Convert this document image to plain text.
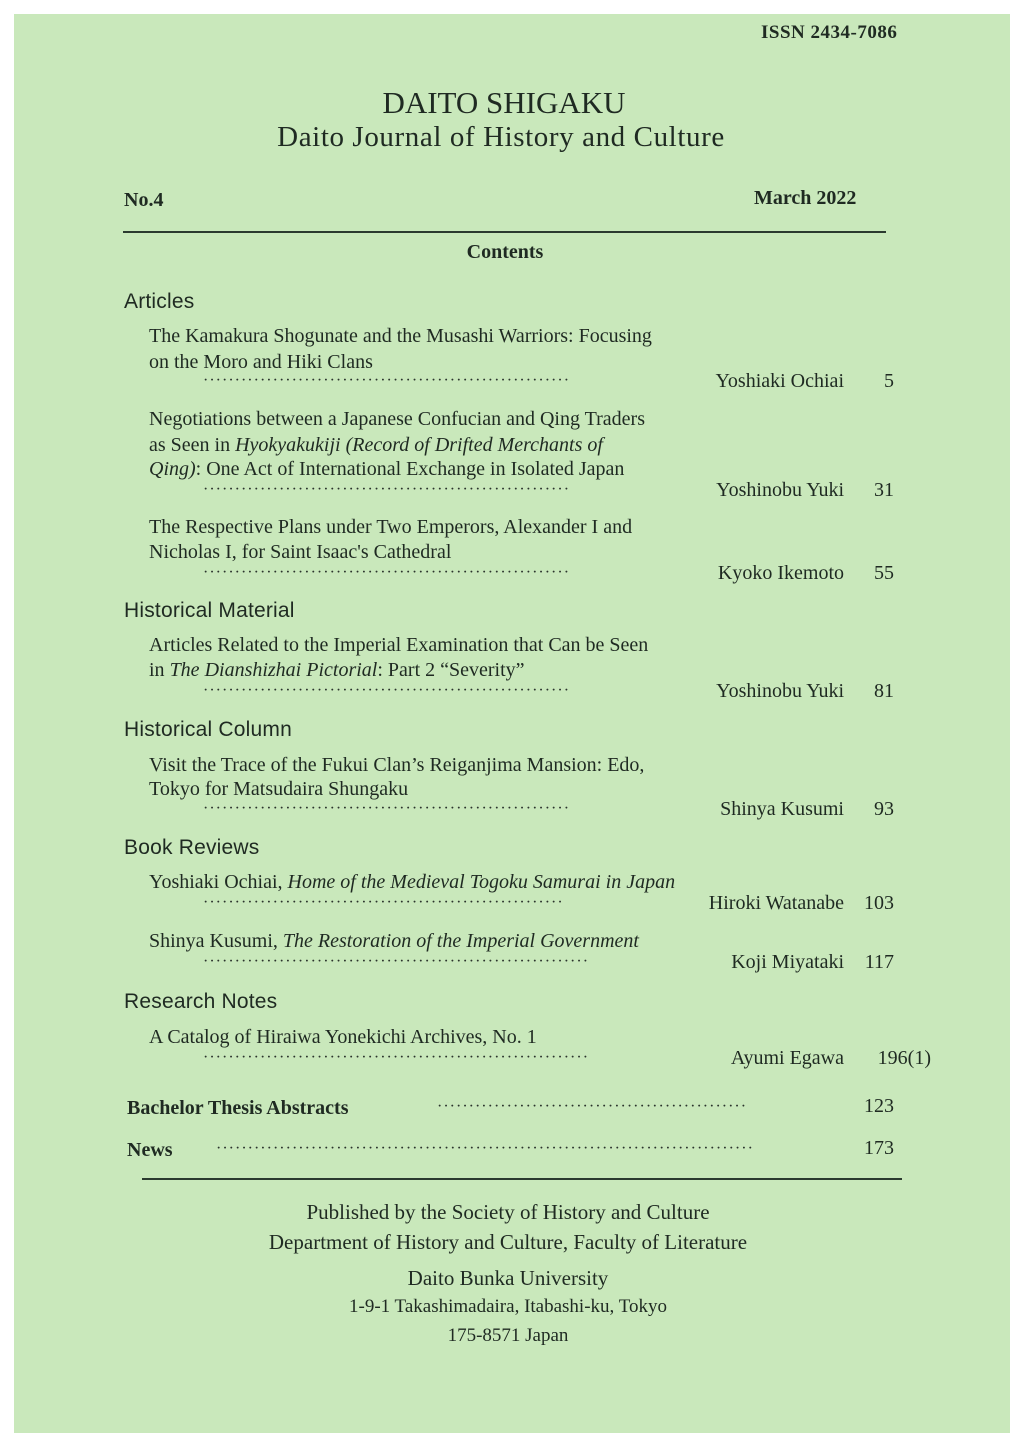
ISSN 2434-7086
DAITO SHIGAKU
Daito Journal of History and Culture
No.4	March 2022
Contents
Articles
The Kamakura Shogunate and the Musashi Warriors: Focusing
on the Moro and Hiki Clans
··························································	Yoshiaki Ochiai 5
Negotiations between a Japanese Confucian and Qing Traders
as Seen in Hyokyakukiji (Record of Drifted Merchants of
Qing): One Act of International Exchange in Isolated Japan
··························································	Yoshinobu Yuki 31
The Respective Plans under Two Emperors, Alexander I and
Nicholas I, for Saint Isaac's Cathedral
··························································	Kyoko Ikemoto 55
Historical Material
Articles Related to the Imperial Examination that Can be Seen
in The Dianshizhai Pictorial: Part 2 “Severity”
··························································	Yoshinobu Yuki 81
Historical Column
Visit the Trace of the Fukui Clan’s Reiganjima Mansion: Edo,
Tokyo for Matsudaira Shungaku
··························································	Shinya Kusumi 93
Book Reviews
Yoshiaki Ochiai, Home of the Medieval Togoku Samurai in Japan
·························································	Hiroki Watanabe 103
Shinya Kusumi, The Restoration of the Imperial Government
·····························································	Koji Miyataki 117
Research Notes
A Catalog of Hiraiwa Yonekichi Archives, No. 1
·····························································	Ayumi Egawa 196(1)
Bachelor Thesis Abstracts	·················································	123
News	·····················································································	173
Published by the Society of History and Culture
Department of History and Culture, Faculty of Literature
Daito Bunka University
1-9-1 Takashimadaira, Itabashi-ku, Tokyo
175-8571 Japan
